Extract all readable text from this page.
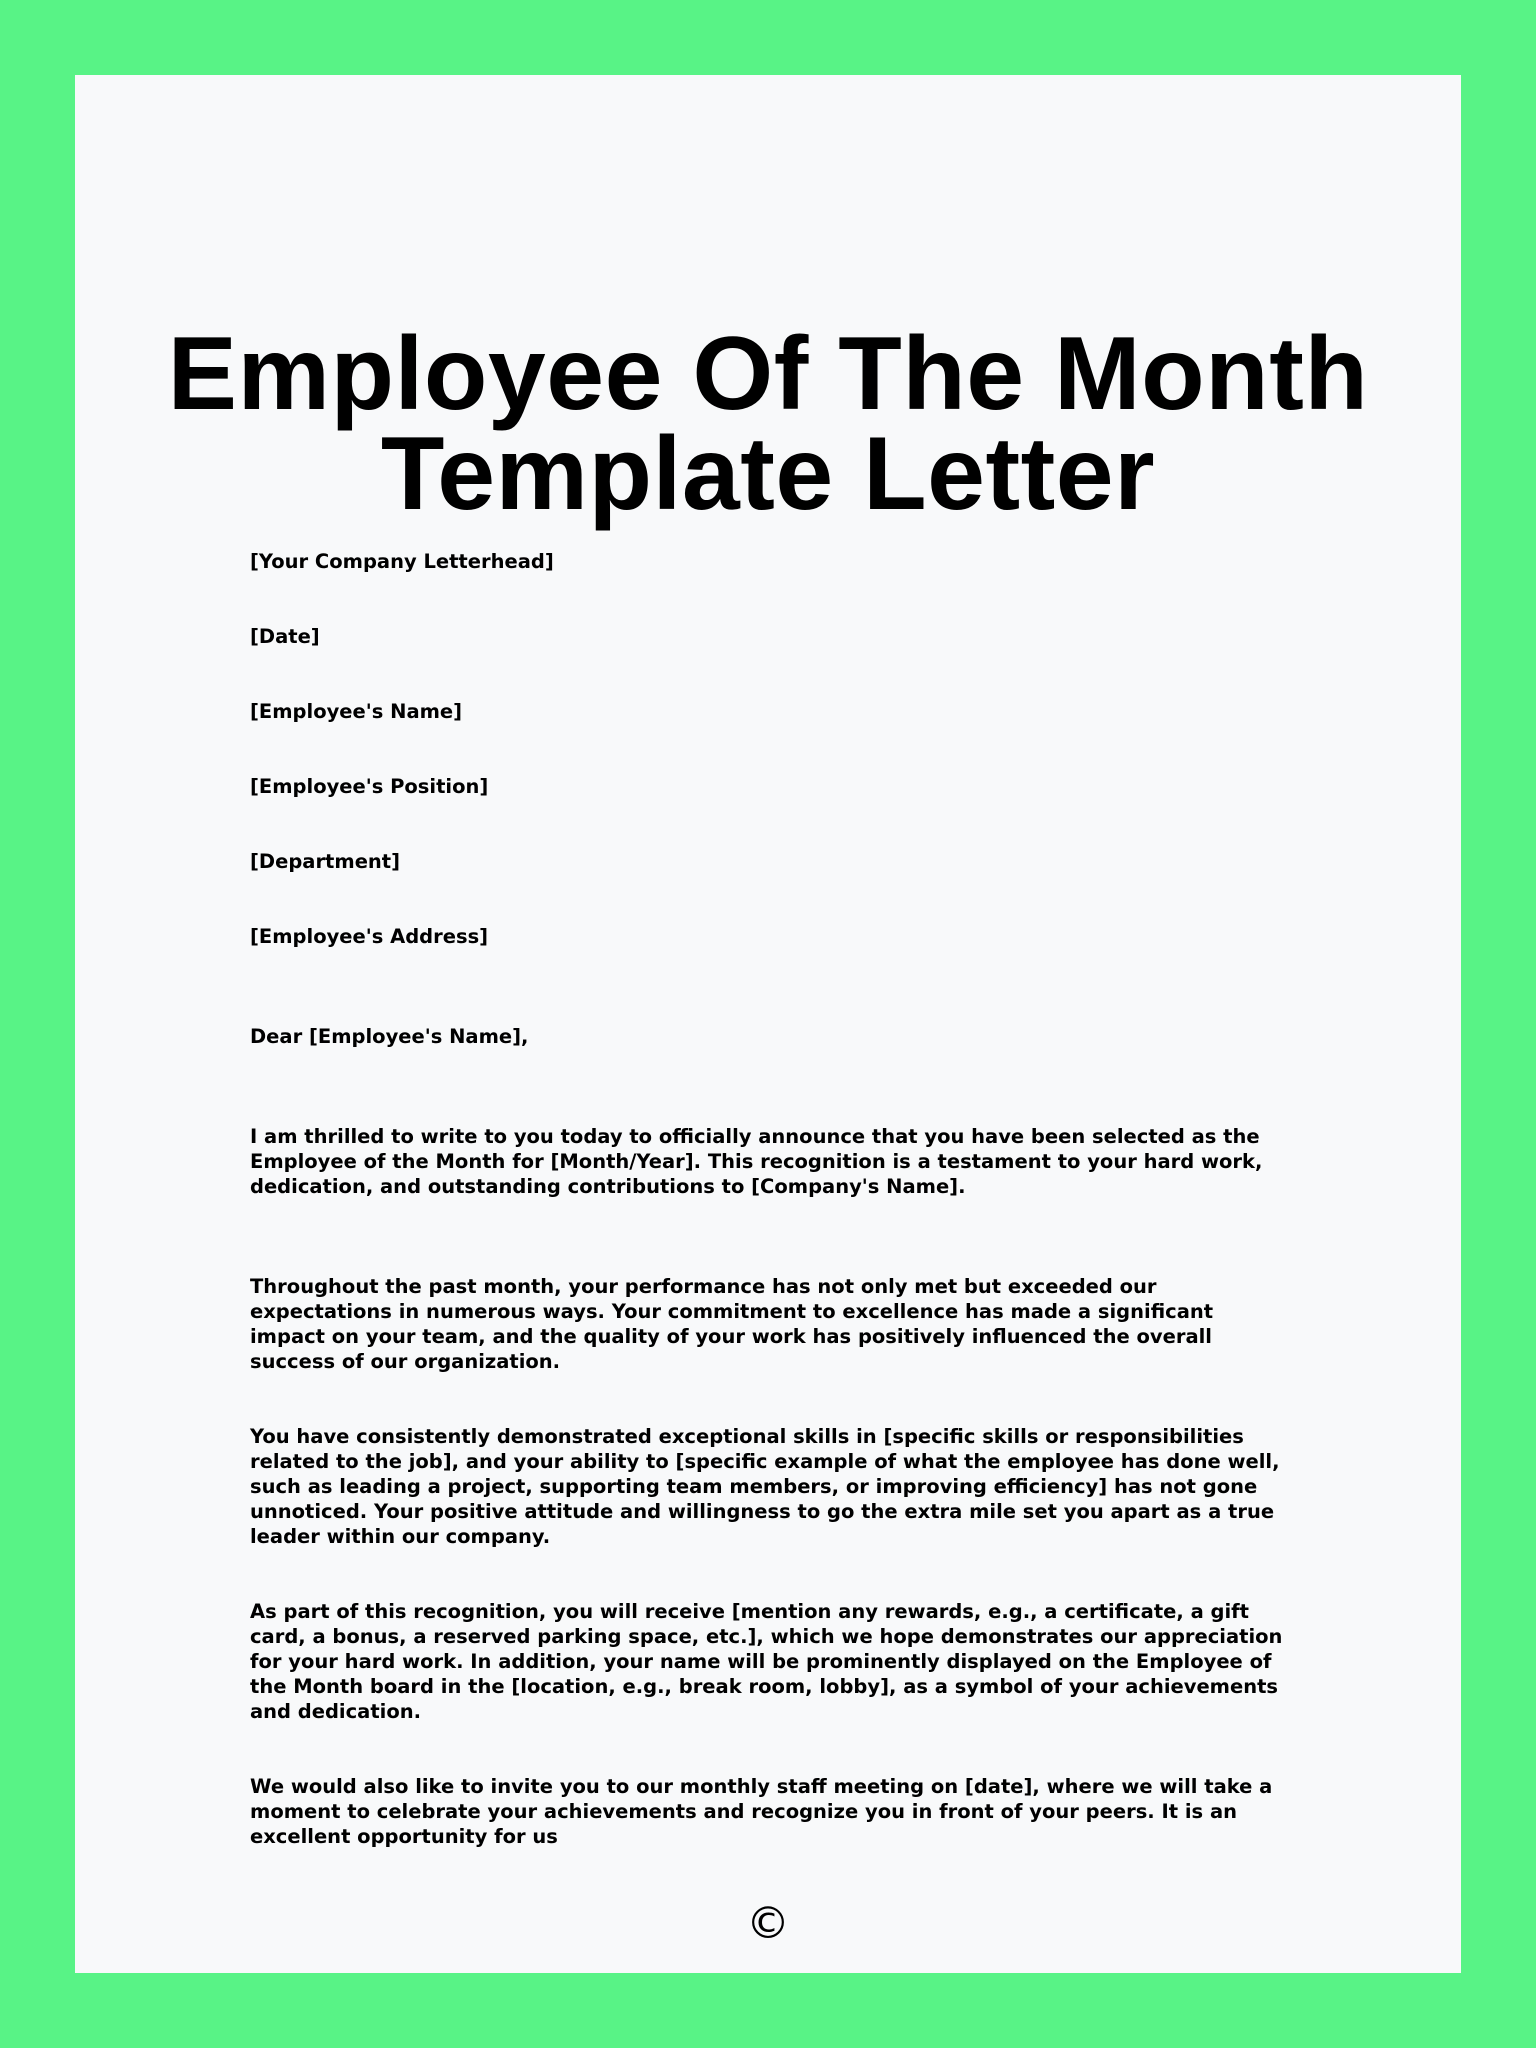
Employee Of The Month
Template Letter

[Your Company Letterhead]

[Date]

[Employee's Name]

[Employee's Position]

[Department]

[Employee's Address]

Dear [Employee's Name],

I am thrilled to write to you today to officially announce that you have been selected as the Employee of the Month for [Month/Year]. This recognition is a testament to your hard work, dedication, and outstanding contributions to [Company's Name].

Throughout the past month, your performance has not only met but exceeded our expectations in numerous ways. Your commitment to excellence has made a significant impact on your team, and the quality of your work has positively influenced the overall success of our organization.

You have consistently demonstrated exceptional skills in [specific skills or responsibilities related to the job], and your ability to [specific example of what the employee has done well, such as leading a project, supporting team members, or improving efficiency] has not gone unnoticed. Your positive attitude and willingness to go the extra mile set you apart as a true leader within our company.

As part of this recognition, you will receive [mention any rewards, e.g., a certificate, a gift card, a bonus, a reserved parking space, etc.], which we hope demonstrates our appreciation for your hard work. In addition, your name will be prominently displayed on the Employee of the Month board in the [location, e.g., break room, lobby], as a symbol of your achievements and dedication.

We would also like to invite you to our monthly staff meeting on [date], where we will take a moment to celebrate your achievements and recognize you in front of your peers. It is an excellent opportunity for us

©
